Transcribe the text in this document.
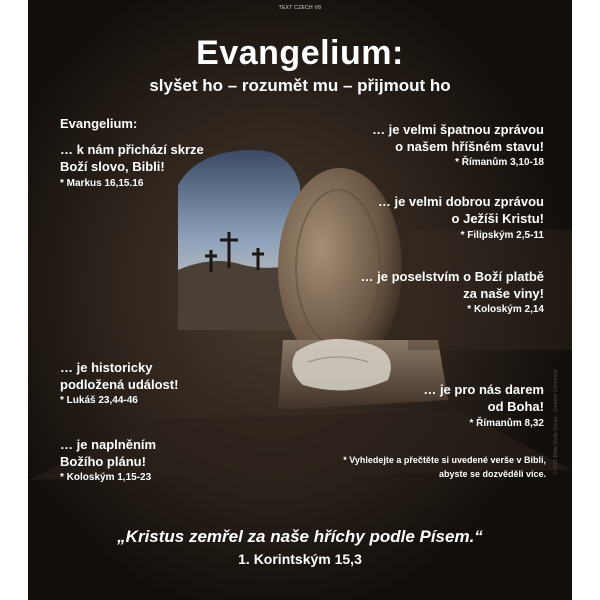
TEXT CZECH V8

Evangelium:

slyšet ho – rozumět mu – přijmout ho

Evangelium:

… k nám přichází skrze

Boží slovo, Bibli!

* Markus 16,15.16

… je historicky

podložená událost!

* Lukáš 23,44-46

… je naplněním

Božího plánu!

* Koloským 1,15-23

… je velmi špatnou zprávou

o našem hříšném stavu!

* Římanům 3,10-18

… je velmi dobrou zprávou

o Ježíši Kristu!

* Filipským 2,5-11

… je poselstvím o Boží platbě

za naše viny!

* Koloským 2,14

… je pro nás darem

od Boha!

* Římanům 8,32

* Vyhledejte a přečtěte si uvedené verše v Bibli,

abyste se dozvěděli více. © 2021 Bible Study Group · Creative Commons

„Kristus zemřel za naše hříchy podle Písem.“

1. Korintským 15,3
